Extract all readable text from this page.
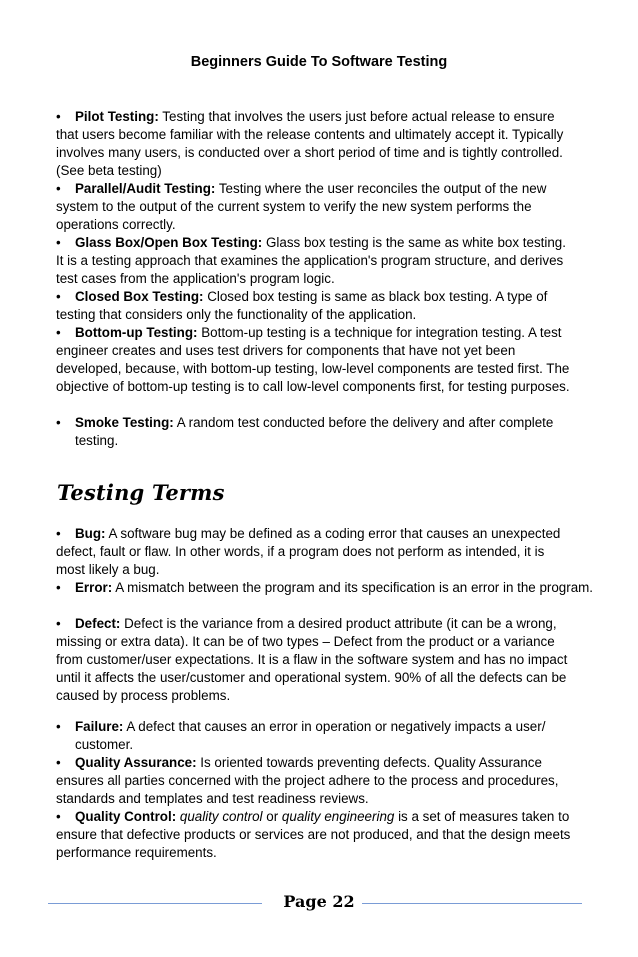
Beginners Guide To Software Testing

• Pilot Testing: Testing that involves the users just before actual release to ensure that users become familiar with the release contents and ultimately accept it. Typically involves many users, is conducted over a short period of time and is tightly controlled. (See beta testing)

• Parallel/Audit Testing: Testing where the user reconciles the output of the new system to the output of the current system to verify the new system performs the operations correctly.

• Glass Box/Open Box Testing: Glass box testing is the same as white box testing. It is a testing approach that examines the application's program structure, and derives test cases from the application's program logic.

• Closed Box Testing: Closed box testing is same as black box testing. A type of testing that considers only the functionality of the application.

• Bottom-up Testing: Bottom-up testing is a technique for integration testing. A test engineer creates and uses test drivers for components that have not yet been developed, because, with bottom-up testing, low-level components are tested first. The objective of bottom-up testing is to call low-level components first, for testing purposes.

• Smoke Testing: A random test conducted before the delivery and after complete testing.

Testing Terms

• Bug: A software bug may be defined as a coding error that causes an unexpected defect, fault or flaw. In other words, if a program does not perform as intended, it is most likely a bug.

• Error: A mismatch between the program and its specification is an error in the program.

• Defect: Defect is the variance from a desired product attribute (it can be a wrong, missing or extra data). It can be of two types – Defect from the product or a variance from customer/user expectations. It is a flaw in the software system and has no impact until it affects the user/customer and operational system. 90% of all the defects can be caused by process problems.

• Failure: A defect that causes an error in operation or negatively impacts a user/ customer.

• Quality Assurance: Is oriented towards preventing defects. Quality Assurance ensures all parties concerned with the project adhere to the process and procedures, standards and templates and test readiness reviews.

• Quality Control: quality control or quality engineering is a set of measures taken to ensure that defective products or services are not produced, and that the design meets performance requirements.

Page 22
